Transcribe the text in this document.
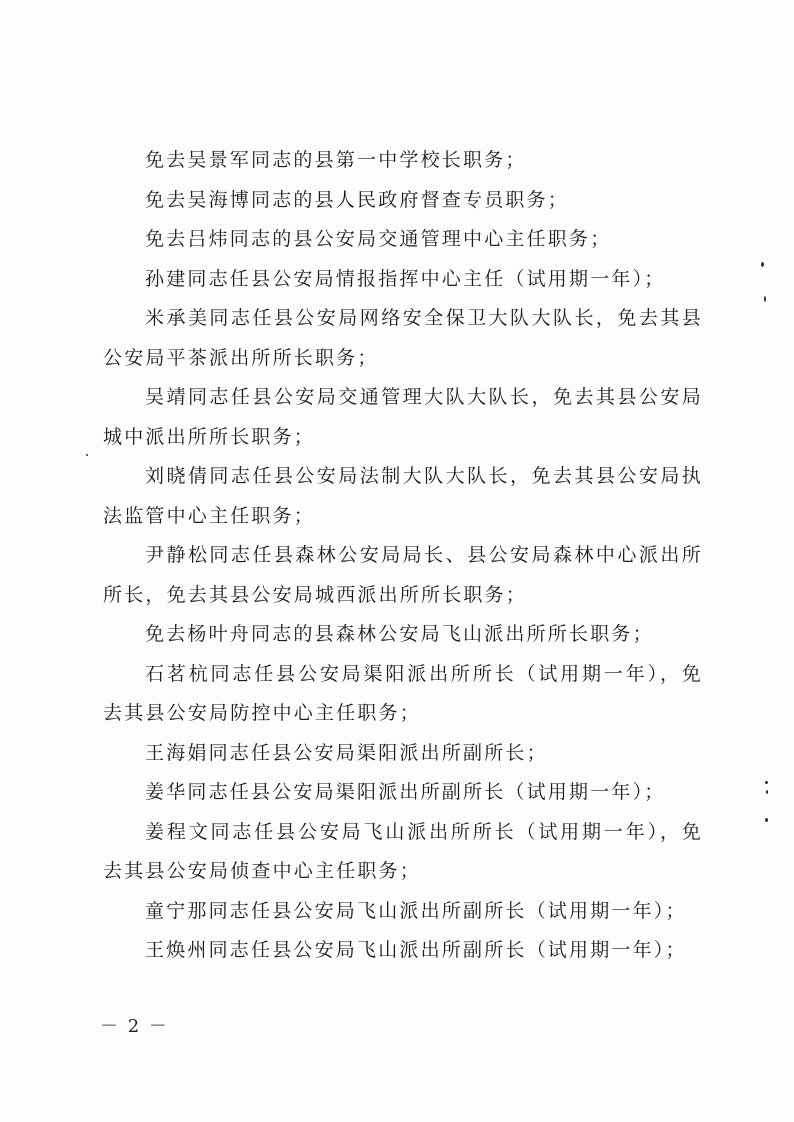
免去吴景军同志的县第一中学校长职务；

免去吴海博同志的县人民政府督查专员职务；

免去吕炜同志的县公安局交通管理中心主任职务；

孙建同志任县公安局情报指挥中心主任（试用期一年）；

米承美同志任县公安局网络安全保卫大队大队长，免去其县公安局平茶派出所所长职务；

吴靖同志任县公安局交通管理大队大队长，免去其县公安局城中派出所所长职务；

刘晓倩同志任县公安局法制大队大队长，免去其县公安局执法监管中心主任职务；

尹静松同志任县森林公安局局长、县公安局森林中心派出所所长，免去其县公安局城西派出所所长职务；

免去杨叶舟同志的县森林公安局飞山派出所所长职务；

石茗杭同志任县公安局渠阳派出所所长（试用期一年），免去其县公安局防控中心主任职务；

王海娟同志任县公安局渠阳派出所副所长；

姜华同志任县公安局渠阳派出所副所长（试用期一年）；

姜程文同志任县公安局飞山派出所所长（试用期一年），免去其县公安局侦查中心主任职务；

童宁那同志任县公安局飞山派出所副所长（试用期一年）；

王焕州同志任县公安局飞山派出所副所长（试用期一年）；

－ 2 －
